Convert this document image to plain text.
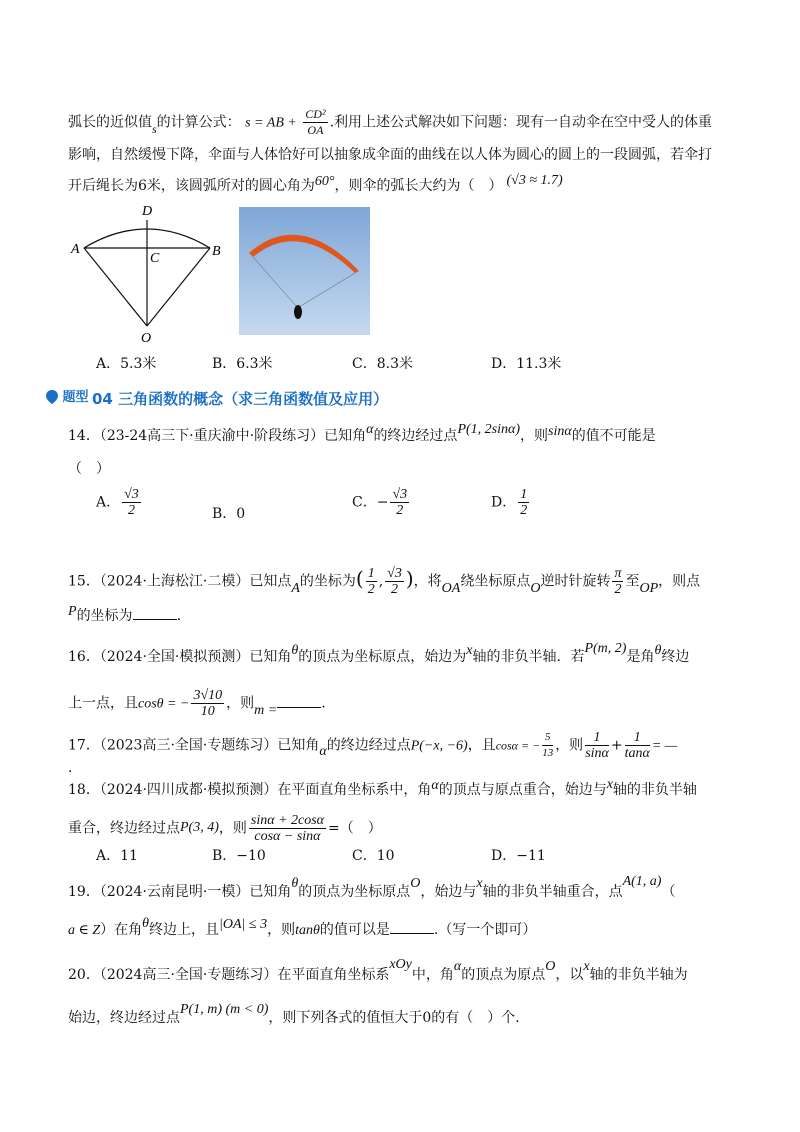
弧长的近似值s的计算公式： s = AB + $\frac{\text{CD²}}{OA}$ .利用上述公式解决如下问题：现有一自动伞在空中受人的体重
影响，自然缓慢下降，伞面与人体恰好可以抽象成伞面的曲线在以人体为圆心的圆上的一段圆弧，若伞打
开后绳长为6米，该圆弧所对的圆心角为60°，则伞的弧长大约为（　） (√3 ≈ 1.7)
D
A	B
C
O
A．5.3米	B．6.3米	C．8.3米	D．11.3米
题型 04 三角函数的概念（求三角函数值及应用）
14．（23-24高三下·重庆渝中·阶段练习）已知角α的终边经过点P(1, 2sinα)，则sinα的值不可能是
（　）
A． $\frac{√3}{2}$	B．0
C．− $\frac{√3}{2}$	D． $\frac{1}{2}$
15．（2024·上海松江·二模）已知点A的坐标为( $\frac{1}{2}$ , $\frac{√3}{2}$ )，将OA绕坐标原点O逆时针旋转 $\frac{\pi}{2}$ 至OP，则点
P的坐标为	.
16．（2024·全国·模拟预测）已知角θ的顶点为坐标原点，始边为x轴的非负半轴．若P(m, 2)是角θ终边
上一点，且cosθ = − $\frac{3√10}{10}$ ，则m =	.
17．（2023高三·全国·专题练习）已知角α的终边经过点P(−x, −6)，且cosα = − $\frac{5}{13}$ ，则 $\frac{1}{\sin\alpha} + \frac{1}{\tan\alpha}$ = —
.
18．（2024·四川成都·模拟预测）在平面直角坐标系中，角α的顶点与原点重合，始边与x轴的非负半轴
重合，终边经过点P(3, 4)，则 $\frac{\sin\alpha + 2\cos\alpha}{\cos\alpha - \sin\alpha}$ =（　）
A．11	B．−10	C．10	D．−11
19．（2024·云南昆明·一模）已知角θ的顶点为坐标原点O，始边与x轴的非负半轴重合，点A(1, a)（
a ∈ Z）在角θ终边上，且|OA| ≤ 3，则tanθ的值可以是	.（写一个即可）
20．（2024高三·全国·专题练习）在平面直角坐标系xOy中，角α的顶点为原点O，以x轴的非负半轴为
始边，终边经过点P(1, m) (m < 0)，则下列各式的值恒大于0的有（　）个.
